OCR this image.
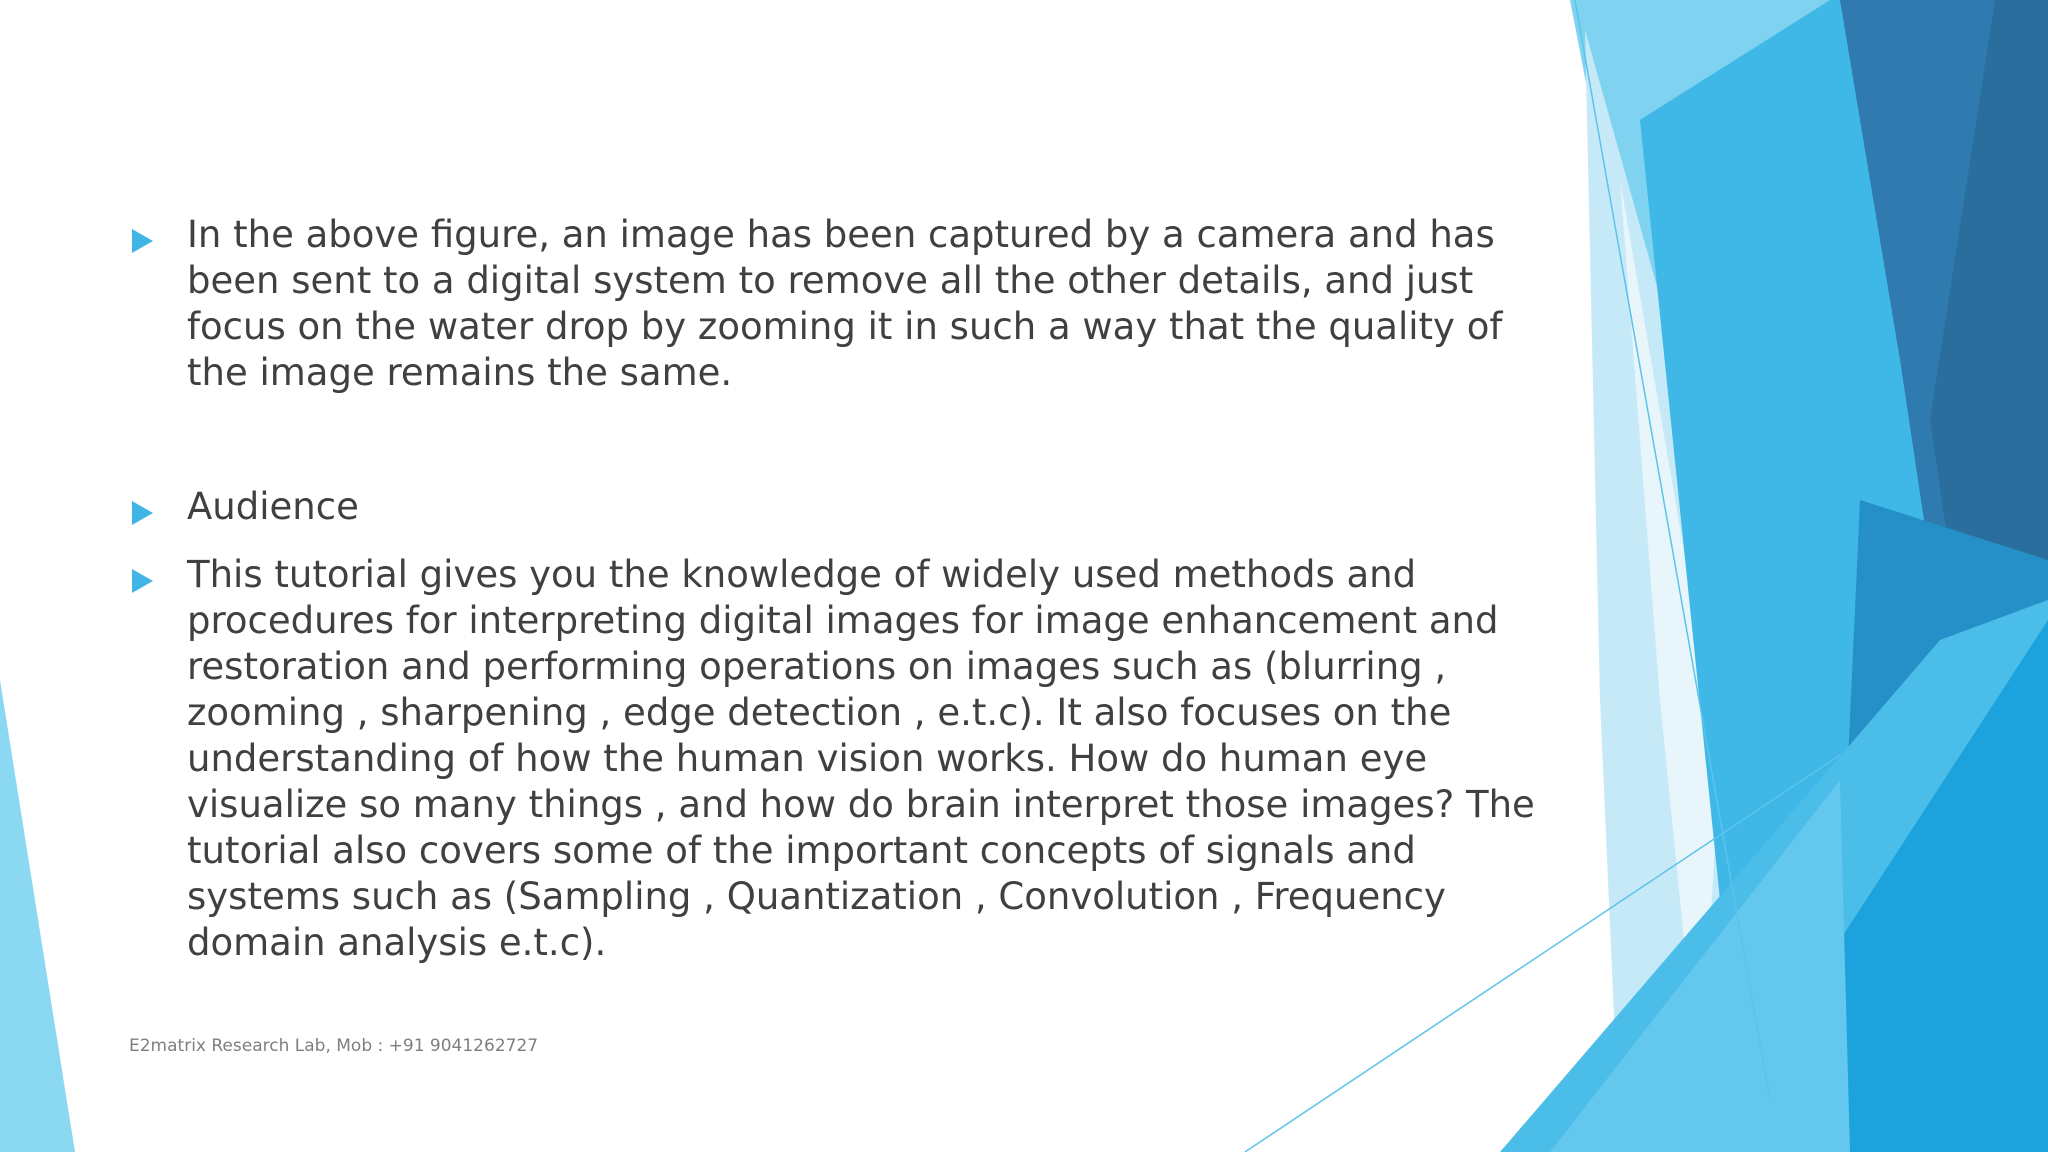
In the above figure, an image has been captured by a camera and has been sent to a digital system to remove all the other details, and just focus on the water drop by zooming it in such a way that the quality of the image remains the same.
Audience
This tutorial gives you the knowledge of widely used methods and procedures for interpreting digital images for image enhancement and restoration and performing operations on images such as (blurring , zooming , sharpening , edge detection , e.t.c). It also focuses on the understanding of how the human vision works. How do human eye visualize so many things , and how do brain interpret those images? The tutorial also covers some of the important concepts of signals and systems such as (Sampling , Quantization , Convolution , Frequency domain analysis e.t.c).
E2matrix Research Lab, Mob : +91 9041262727
